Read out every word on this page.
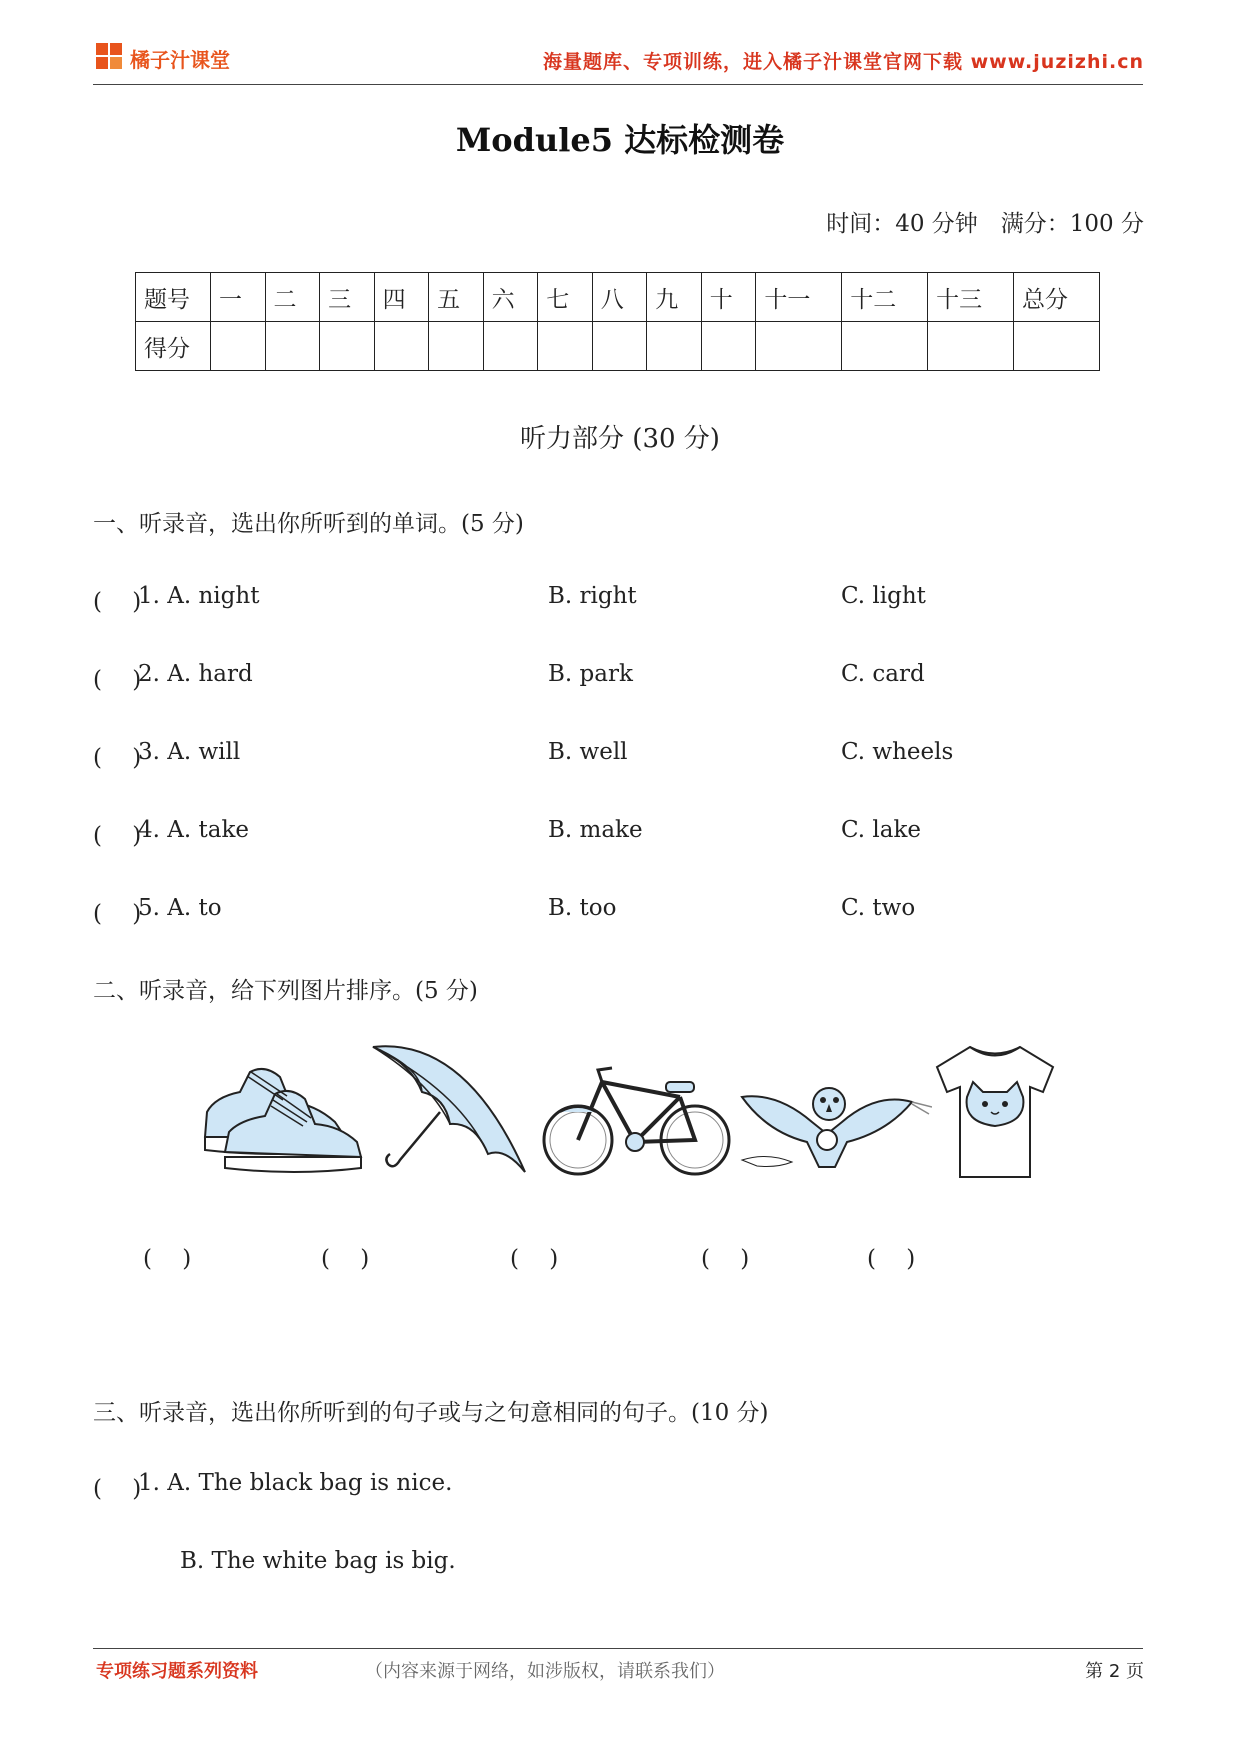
橘子汁课堂	海量题库、专项训练，进入橘子汁课堂官网下载 www.juzizhi.cn
Module5 达标检测卷
时间：40 分钟　满分：100 分
题号	一	二	三	四	五	六	七	八	九	十	十一	十二	十三	总分
得分														
听力部分 (30 分)
一、听录音，选出你所听到的单词。(5 分)
(　 )
1. A. night	B. right	C. light
(　 )
2. A. hard	B. park	C. card
(　 )
3. A. will	B. well	C. wheels
(　 )
4. A. take	B. make	C. lake
(　 )
5. A. to	B. too	C. two
二、听录音，给下列图片排序。(5 分)
(　 )	(　 )	(　 )	(　 )	(　 )
三、听录音，选出你所听到的句子或与之句意相同的句子。(10 分)
(　 )
1. A. The black bag is nice.
B. The white bag is big.
专项练习题系列资料	（内容来源于网络，如涉版权，请联系我们）	第 2 页
